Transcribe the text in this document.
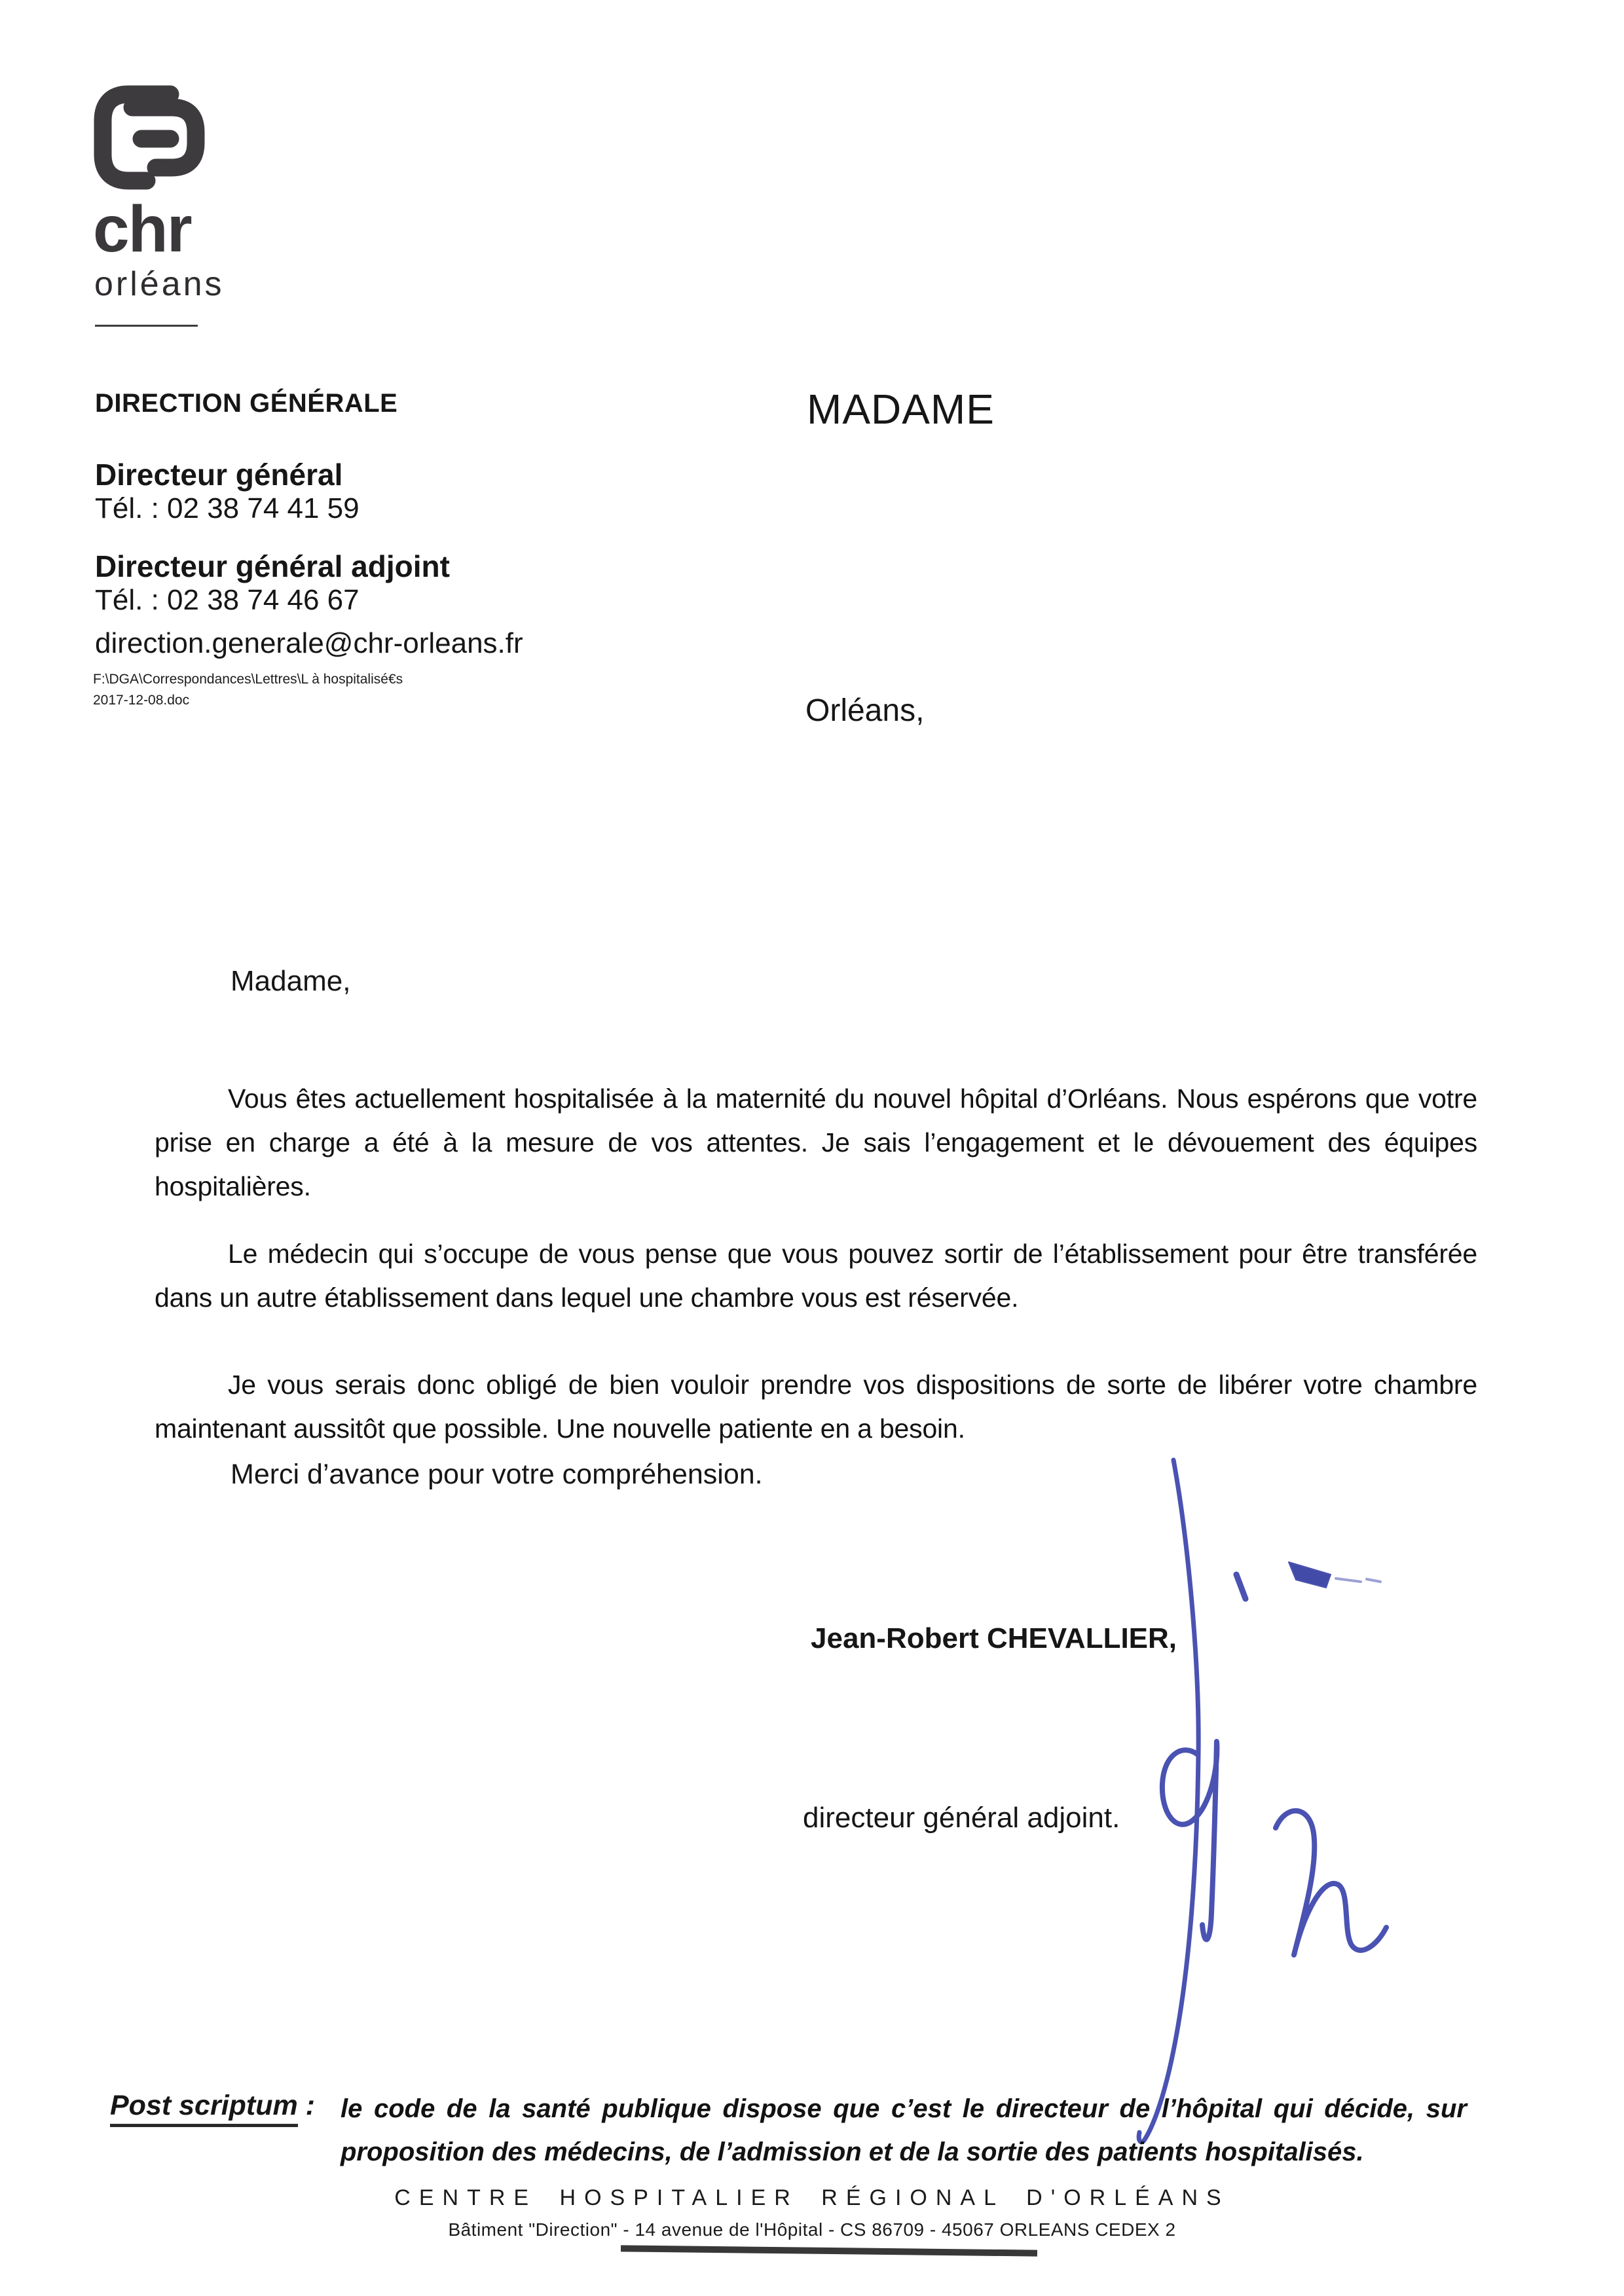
chr
orléans
DIRECTION GÉNÉRALE
Directeur général
Tél. : 02 38 74 41 59
Directeur général adjoint
Tél. : 02 38 74 46 67
direction.generale@chr-orleans.fr
F:\DGA\Correspondances\Lettres\L à hospitalisé€s
2017-12-08.doc
MADAME
Orléans,
Madame,

Vous êtes actuellement hospitalisée à la maternité du nouvel hôpital d’Orléans. Nous espérons que votre prise en charge a été à la mesure de vos attentes. Je sais l’engagement et le dévouement des équipes hospitalières.

Le médecin qui s’occupe de vous pense que vous pouvez sortir de l’établissement pour être transférée dans un autre établissement dans lequel une chambre vous est réservée.

Je vous serais donc obligé de bien vouloir prendre vos dispositions de sorte de libérer votre chambre maintenant aussitôt que possible. Une nouvelle patiente en a besoin.

Merci d’avance pour votre compréhension.
Jean-Robert CHEVALLIER,
directeur général adjoint.
Post scriptum : le code de la santé publique dispose que c’est le directeur de l’hôpital qui décide, sur proposition des médecins, de l’admission et de la sortie des patients hospitalisés.
CENTRE HOSPITALIER RÉGIONAL D'ORLÉANS
Bâtiment "Direction" - 14 avenue de l'Hôpital - CS 86709 - 45067 ORLEANS CEDEX 2
